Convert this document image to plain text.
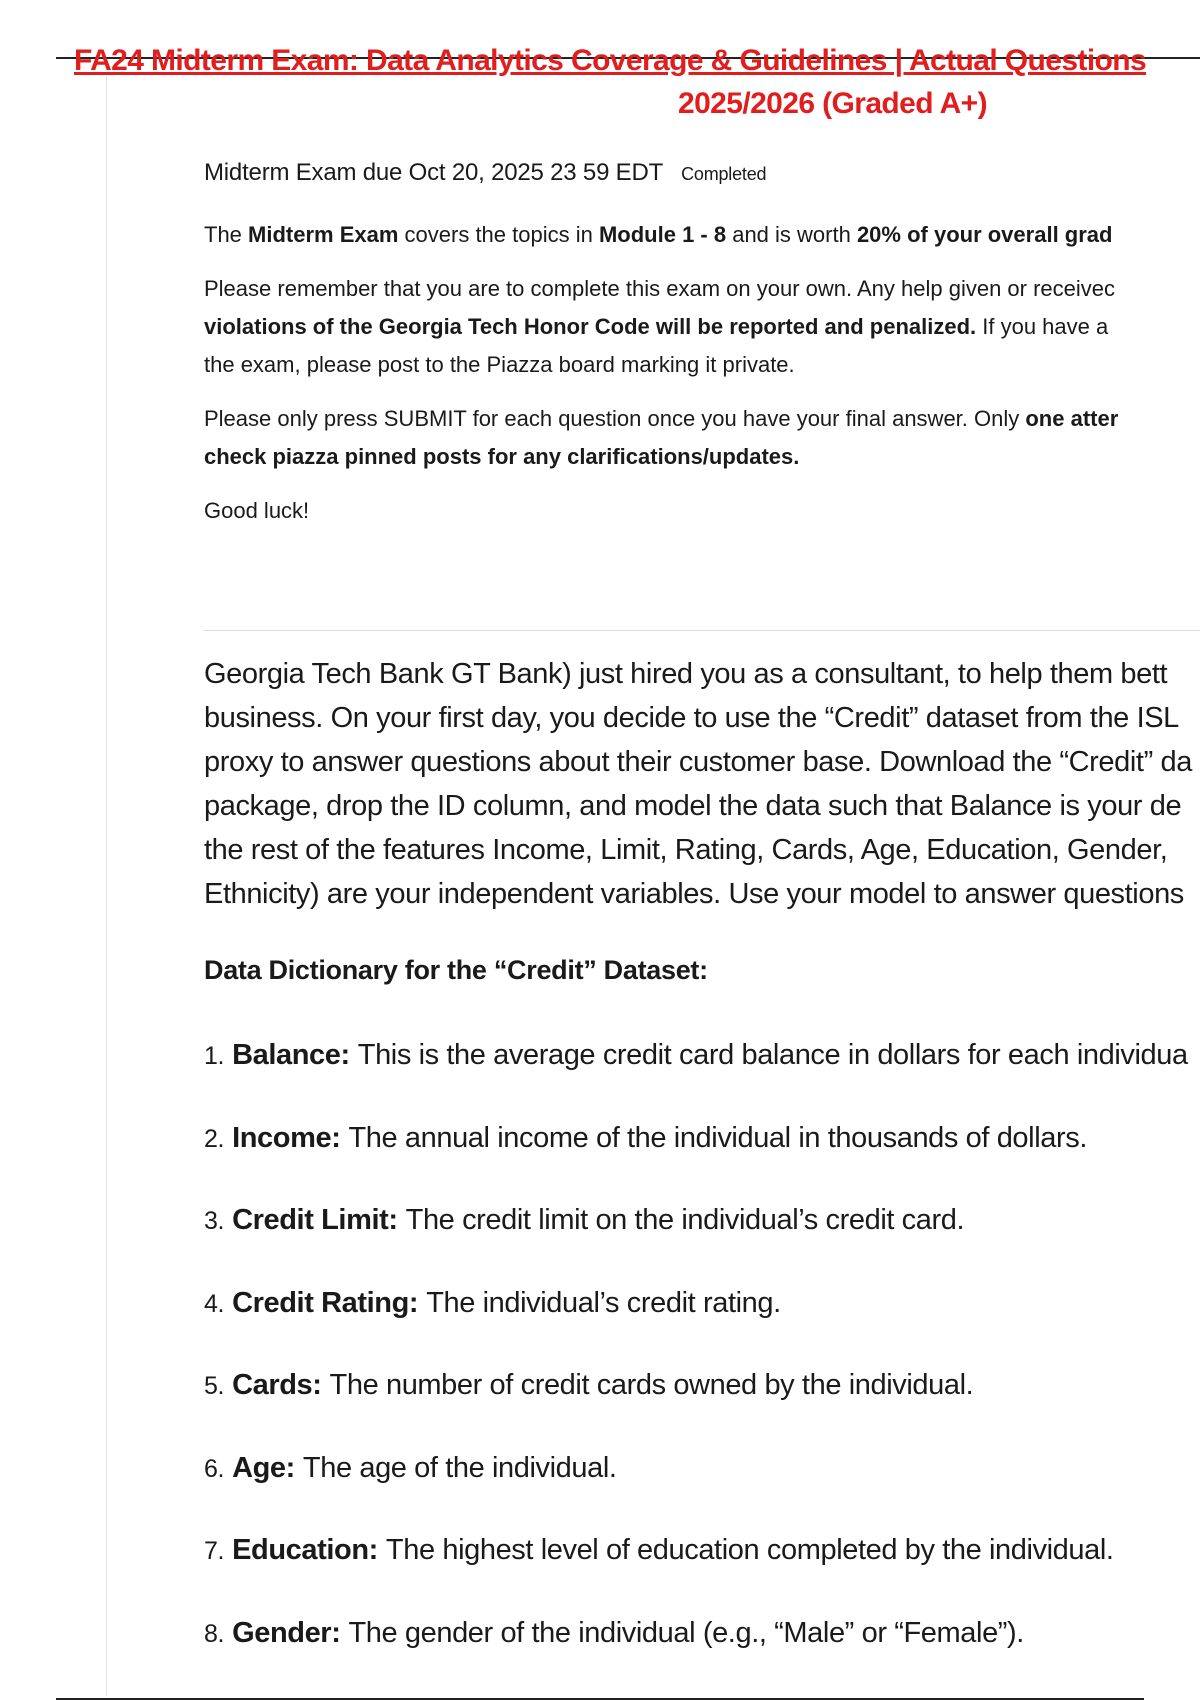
FA24 Midterm Exam: Data Analytics Coverage & Guidelines | Actual Questions
2025/2026 (Graded A+)
Midterm Exam due Oct 20, 2025 23 59 EDT Completed
The Midterm Exam covers the topics in Module 1 - 8 and is worth 20% of your overall grad
Please remember that you are to complete this exam on your own. Any help given or receivec
violations of the Georgia Tech Honor Code will be reported and penalized. If you have a
the exam, please post to the Piazza board marking it private.
Please only press SUBMIT for each question once you have your final answer. Only one atter
check piazza pinned posts for any clarifications/updates.
Good luck!
Georgia Tech Bank GT Bank) just hired you as a consultant, to help them bett
business. On your first day, you decide to use the “Credit” dataset from the ISL
proxy to answer questions about their customer base. Download the “Credit” da
package, drop the ID column, and model the data such that Balance is your de
the rest of the features Income, Limit, Rating, Cards, Age, Education, Gender,
Ethnicity) are your independent variables. Use your model to answer questions
Data Dictionary for the “Credit” Dataset:
1. Balance: This is the average credit card balance in dollars for each individua
2. Income: The annual income of the individual in thousands of dollars.
3. Credit Limit: The credit limit on the individual’s credit card.
4. Credit Rating: The individual’s credit rating.
5. Cards: The number of credit cards owned by the individual.
6. Age: The age of the individual.
7. Education: The highest level of education completed by the individual.
8. Gender: The gender of the individual (e.g., “Male” or “Female”).
